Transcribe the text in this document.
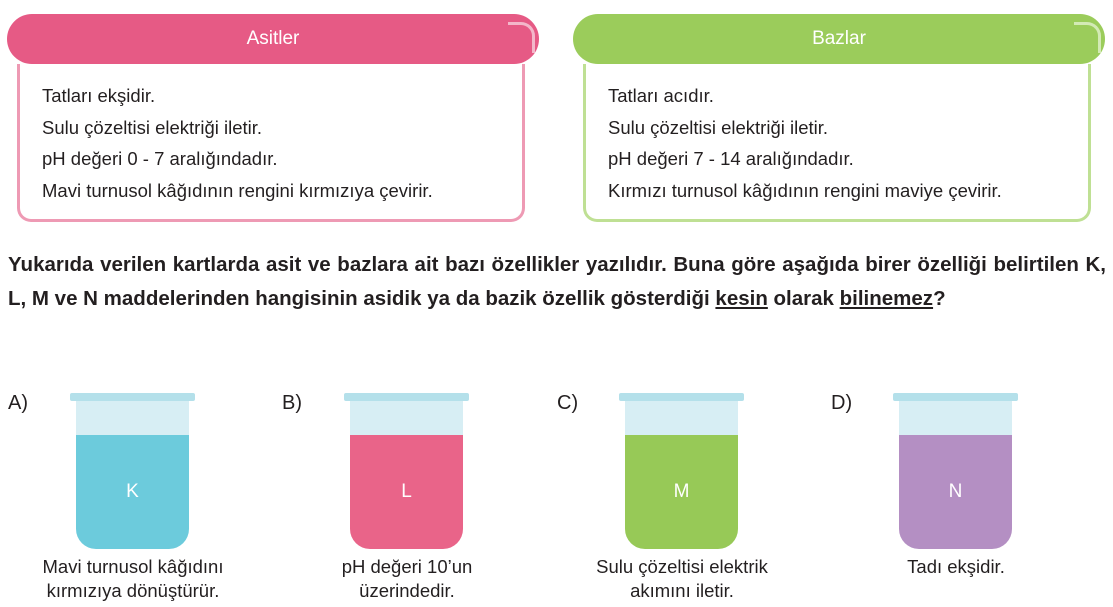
Asitler
Tatları ekşidir.
Sulu çözeltisi elektriği iletir.
pH değeri 0 - 7 aralığındadır.
Mavi turnusol kâğıdının rengini kırmızıya çevirir.
Bazlar
Tatları acıdır.
Sulu çözeltisi elektriği iletir.
pH değeri 7 - 14 aralığındadır.
Kırmızı turnusol kâğıdının rengini maviye çevirir.
Yukarıda verilen kartlarda asit ve bazlara ait bazı özellikler yazılıdır. Buna göre aşağıda birer özelliği belirtilen K, L, M ve N maddelerinden hangisinin asidik ya da bazik özellik gösterdiği kesin olarak bilinemez?
A)
K
Mavi turnusol kâğıdını
kırmızıya dönüştürür.
B)
L
pH değeri 10’un
üzerindedir.
C)
M
Sulu çözeltisi elektrik
akımını iletir.
D)
N
Tadı ekşidir.
